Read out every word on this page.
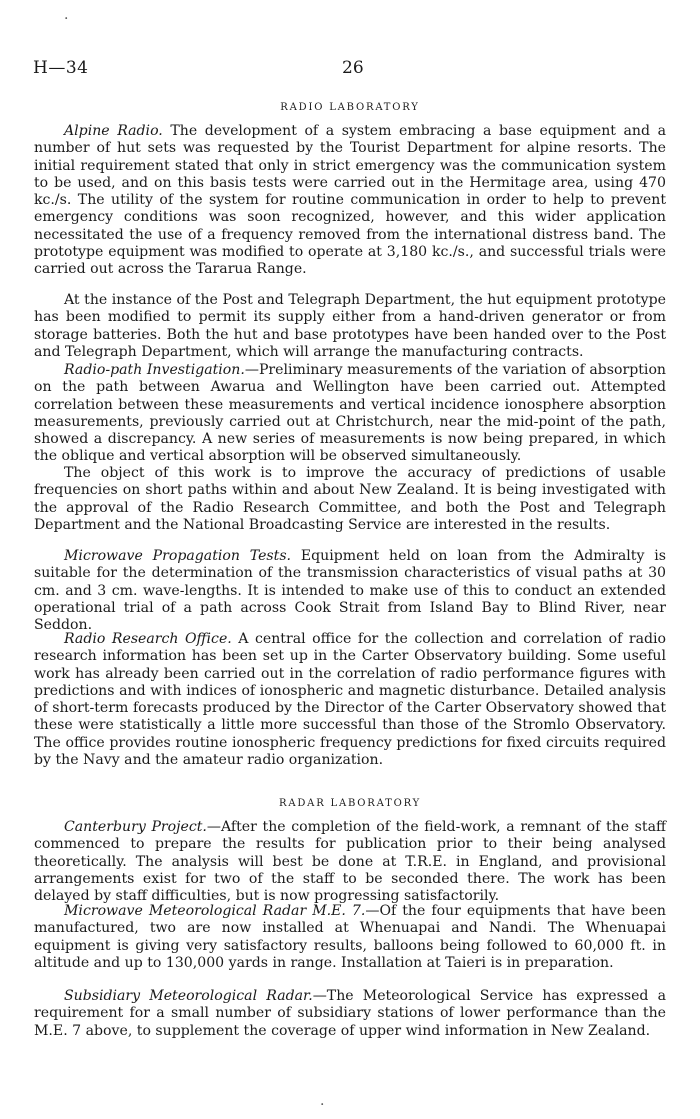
·
·
H—34	26
RADIO LABORATORY

Alpine Radio. The development of a system embracing a base equipment and a number of hut sets was requested by the Tourist Department for alpine resorts. The initial requirement stated that only in strict emergency was the communication system to be used, and on this basis tests were carried out in the Hermitage area, using 470 kc./s. The utility of the system for routine communication in order to help to prevent emergency conditions was soon recognized, however, and this wider application necessitated the use of a frequency removed from the international distress band. The prototype equipment was modified to operate at 3,180 kc./s., and successful trials were carried out across the Tararua Range.

At the instance of the Post and Telegraph Department, the hut equipment prototype has been modified to permit its supply either from a hand-driven generator or from storage batteries. Both the hut and base prototypes have been handed over to the Post and Telegraph Department, which will arrange the manufacturing contracts.

Radio-path Investigation.—Preliminary measurements of the variation of absorption on the path between Awarua and Wellington have been carried out. Attempted correlation between these measurements and vertical incidence ionosphere absorption measurements, previously carried out at Christchurch, near the mid-point of the path, showed a discrepancy. A new series of measurements is now being prepared, in which the oblique and vertical absorption will be observed simultaneously.

The object of this work is to improve the accuracy of predictions of usable frequencies on short paths within and about New Zealand. It is being investigated with the approval of the Radio Research Committee, and both the Post and Telegraph Department and the National Broadcasting Service are interested in the results.

Microwave Propagation Tests. Equipment held on loan from the Admiralty is suitable for the determination of the transmission characteristics of visual paths at 30 cm. and 3 cm. wave-lengths. It is intended to make use of this to conduct an extended operational trial of a path across Cook Strait from Island Bay to Blind River, near Seddon.

Radio Research Office. A central office for the collection and correlation of radio research information has been set up in the Carter Observatory building. Some useful work has already been carried out in the correlation of radio performance figures with predictions and with indices of ionospheric and magnetic disturbance. Detailed analysis of short-term forecasts produced by the Director of the Carter Observatory showed that these were statistically a little more successful than those of the Stromlo Observatory. The office provides routine ionospheric frequency predictions for fixed circuits required by the Navy and the amateur radio organization.

RADAR LABORATORY

Canterbury Project.—After the completion of the field-work, a remnant of the staff commenced to prepare the results for publication prior to their being analysed theoretically. The analysis will best be done at T.R.E. in England, and provisional arrangements exist for two of the staff to be seconded there. The work has been delayed by staff difficulties, but is now progressing satisfactorily.

Microwave Meteorological Radar M.E. 7.—Of the four equipments that have been manufactured, two are now installed at Whenuapai and Nandi. The Whenuapai equipment is giving very satisfactory results, balloons being followed to 60,000 ft. in altitude and up to 130,000 yards in range. Installation at Taieri is in preparation.

Subsidiary Meteorological Radar.—The Meteorological Service has expressed a requirement for a small number of subsidiary stations of lower performance than the M.E. 7 above, to supplement the coverage of upper wind information in New Zealand.
